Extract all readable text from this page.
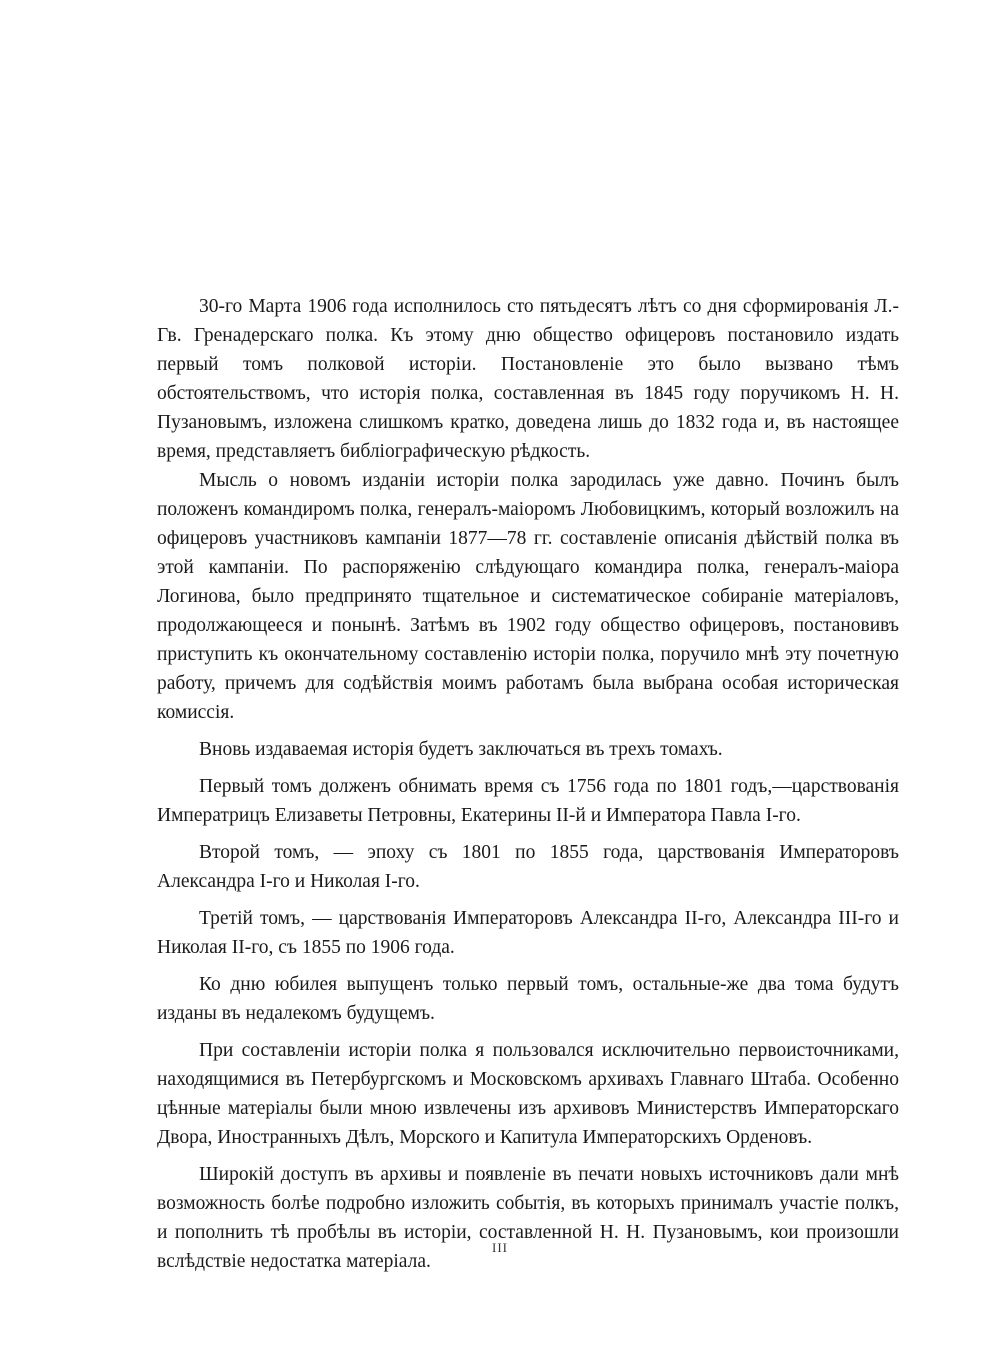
30-го Марта 1906 года исполнилось сто пятьдесятъ лѣтъ со дня сформированія Л.-Гв. Гренадерскаго полка. Къ этому дню общество офицеровъ постановило издать первый томъ полковой исторіи. Постановленіе это было вызвано тѣмъ обстоятельствомъ, что исторія полка, составленная въ 1845 году поручикомъ Н. Н. Пузановымъ, изложена слишкомъ кратко, доведена лишь до 1832 года и, въ настоящее время, представляетъ библіографическую рѣдкость.

Мысль о новомъ изданіи исторіи полка зародилась уже давно. Починъ былъ положенъ командиромъ полка, генералъ-маіоромъ Любовицкимъ, который возложилъ на офицеровъ участниковъ кампаніи 1877—78 гг. составленіе описанія дѣйствій полка въ этой кампаніи. По распоряженію слѣдующаго командира полка, генералъ-маіора Логинова, было предпринято тщательное и систематическое собираніе матеріаловъ, продолжающееся и понынѣ. Затѣмъ въ 1902 году общество офицеровъ, постановивъ приступить къ окончательному составленію исторіи полка, поручило мнѣ эту почетную работу, причемъ для содѣйствія моимъ работамъ была выбрана особая историческая комиссія.

Вновь издаваемая исторія будетъ заключаться въ трехъ томахъ.

Первый томъ долженъ обнимать время съ 1756 года по 1801 годъ,—царствованія Императрицъ Елизаветы Петровны, Екатерины II-й и Императора Павла I-го.

Второй томъ, — эпоху съ 1801 по 1855 года, царствованія Императоровъ Александра I-го и Николая I-го.

Третій томъ, — царствованія Императоровъ Александра II-го, Александра III-го и Николая II-го, съ 1855 по 1906 года.

Ко дню юбилея выпущенъ только первый томъ, остальные-же два тома будутъ изданы въ недалекомъ будущемъ.

При составленіи исторіи полка я пользовался исключительно первоисточниками, находящимися въ Петербургскомъ и Московскомъ архивахъ Главнаго Штаба. Особенно цѣнные матеріалы были мною извлечены изъ архивовъ Министерствъ Императорскаго Двора, Иностранныхъ Дѣлъ, Морского и Капитула Императорскихъ Орденовъ.

Широкій доступъ въ архивы и появленіе въ печати новыхъ источниковъ дали мнѣ возможность болѣе подробно изложить событія, въ которыхъ принималъ участіе полкъ, и пополнить тѣ пробѣлы въ исторіи, составленной Н. Н. Пузановымъ, кои произошли вслѣдствіе недостатка матеріала.

III
